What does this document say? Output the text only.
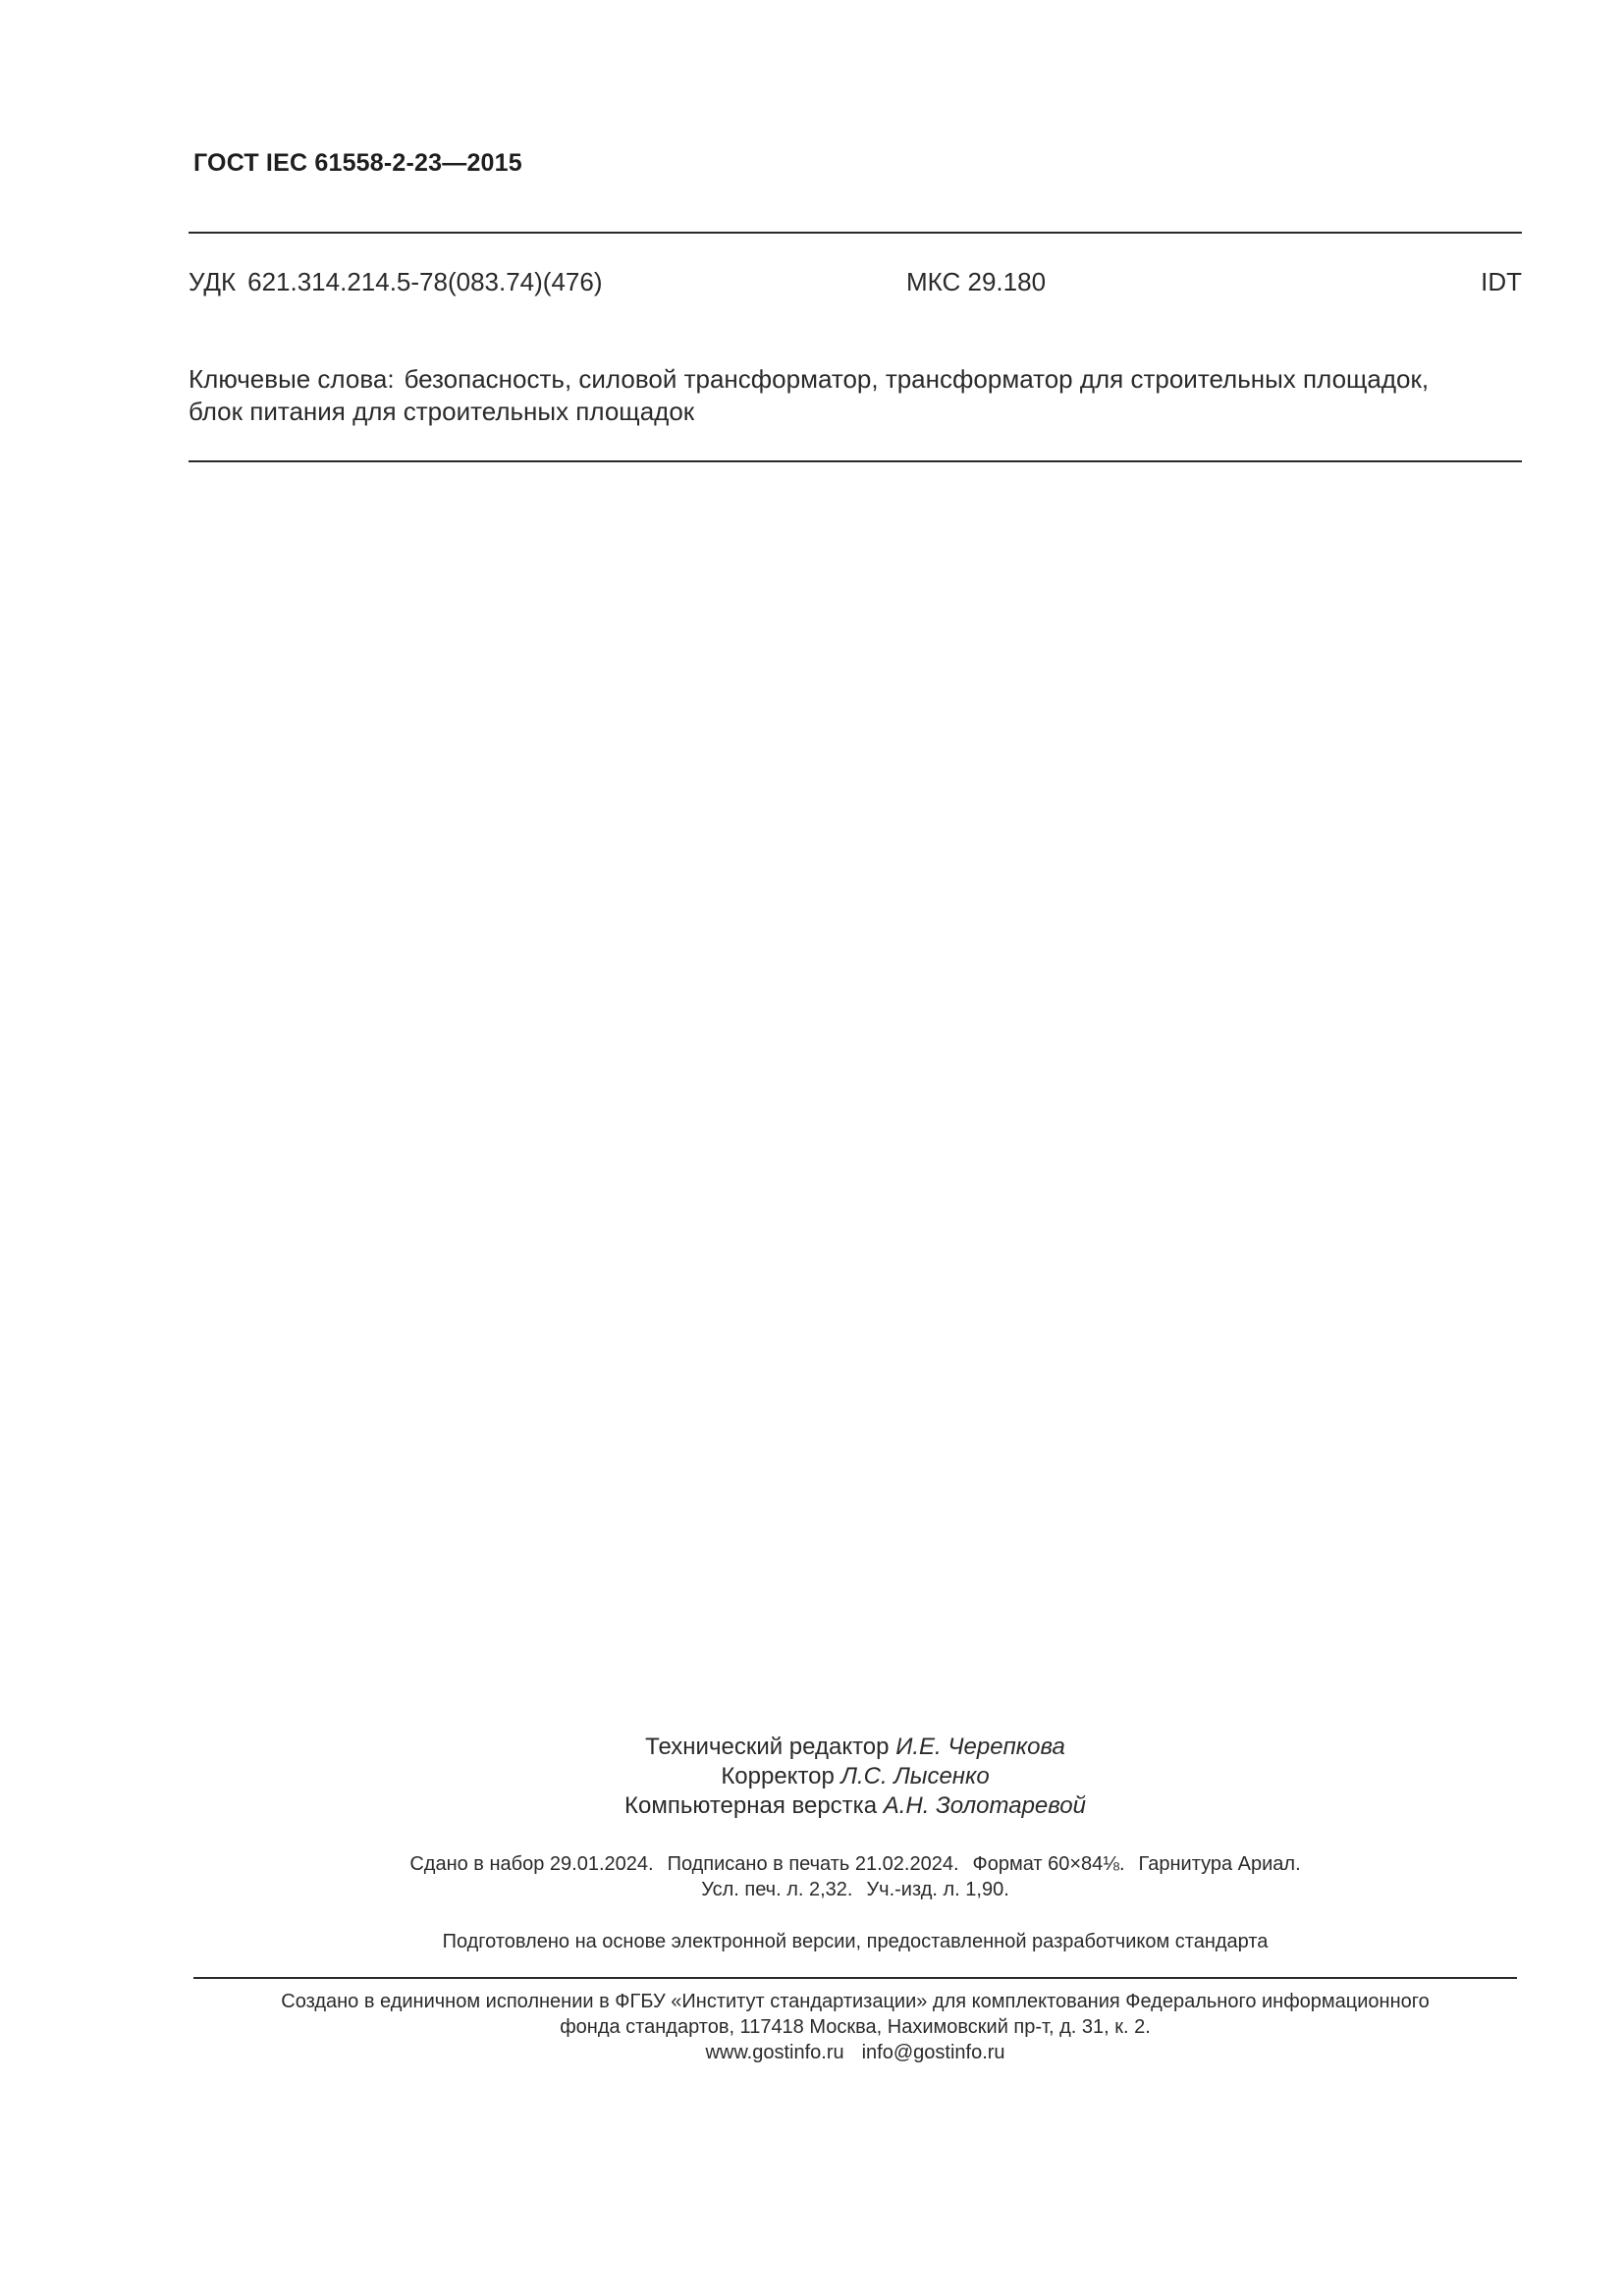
ГОСТ IEC 61558-2-23—2015
УДК 621.314.214.5-78(083.74)(476)	МКС 29.180	IDT
Ключевые слова: безопасность, силовой трансформатор, трансформатор для строительных площадок,
блок питания для строительных площадок
Технический редактор И.Е. Черепкова
Корректор Л.С. Лысенко
Компьютерная верстка А.Н. Золотаревой
Сдано в набор 29.01.2024. Подписано в печать 21.02.2024. Формат 60×84⅛. Гарнитура Ариал.
Усл. печ. л. 2,32. Уч.-изд. л. 1,90.
Подготовлено на основе электронной версии, предоставленной разработчиком стандарта
Создано в единичном исполнении в ФГБУ «Институт стандартизации» для комплектования Федерального информационного
фонда стандартов, 117418 Москва, Нахимовский пр-т, д. 31, к. 2.
www.gostinfo.ru info@gostinfo.ru
